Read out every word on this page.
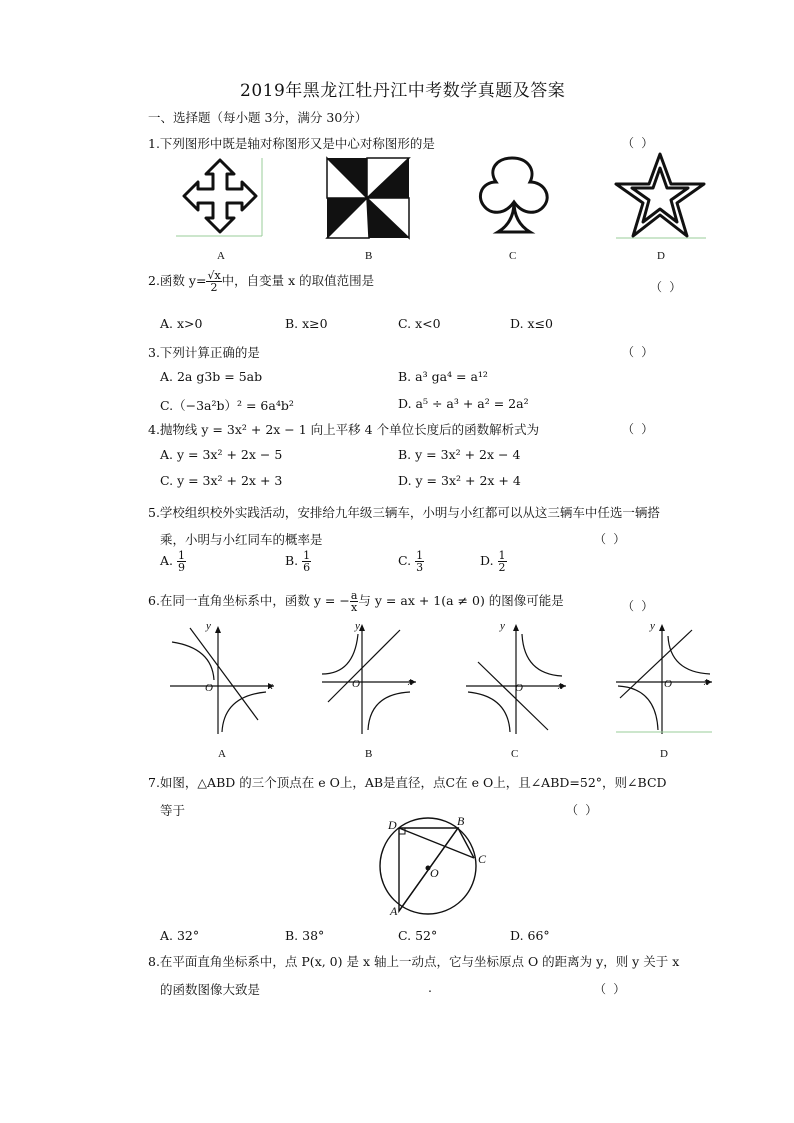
2019年黑龙江牡丹江中考数学真题及答案
一、选择题（每小题 3分，满分 30分）
1.下列图形中既是轴对称图形又是中心对称图形的是	（ ）
A	B	C	D
2.函数 $y= \frac{√x}{2}$ 中，自变量 x 的取值范围是	（ ）
A. x>0	B. x≥0	C. x<0	D. x≤0
3.下列计算正确的是	（ ）
A. 2a g3b = 5ab	B. a³ ga⁴ = a¹²
C.（−3a²b）² = 6a⁴b²	D. a⁵ ÷ a³ + a² = 2a²
4.抛物线 y = 3x² + 2x − 1 向上平移 4 个单位长度后的函数解析式为	（ ）
A. y = 3x² + 2x − 5	B. y = 3x² + 2x − 4
C. y = 3x² + 2x + 3	D. y = 3x² + 2x + 4
5.学校组织校外实践活动，安排给九年级三辆车，小明与小红都可以从这三辆车中任选一辆搭
乘，小明与小红同车的概率是	（ ）
A. $\frac{1}{9}$	B. $\frac{1}{6}$	C. $\frac{1}{3}$	D. $\frac{1}{2}$
6.在同一直角坐标系中，函数 y = − $\frac{a}{x}$ 与 y = ax + 1(a ≠ 0) 的图像可能是	（ ）
y
x
O
y
x
O
y
x
O
y
x
O
A	B	C	D
7.如图，△ABD 的三个顶点在 e O上，AB是直径，点C在 e O上，且∠ABD=52°，则∠BCD
等于	（ ）
D	B
C
O
A
A. 32°	B. 38°	C. 52°	D. 66°
8.在平面直角坐标系中，点 P(x, 0) 是 x 轴上一动点，它与坐标原点 O 的距离为 y，则 y 关于 x
的函数图像大致是	.	（ ）
